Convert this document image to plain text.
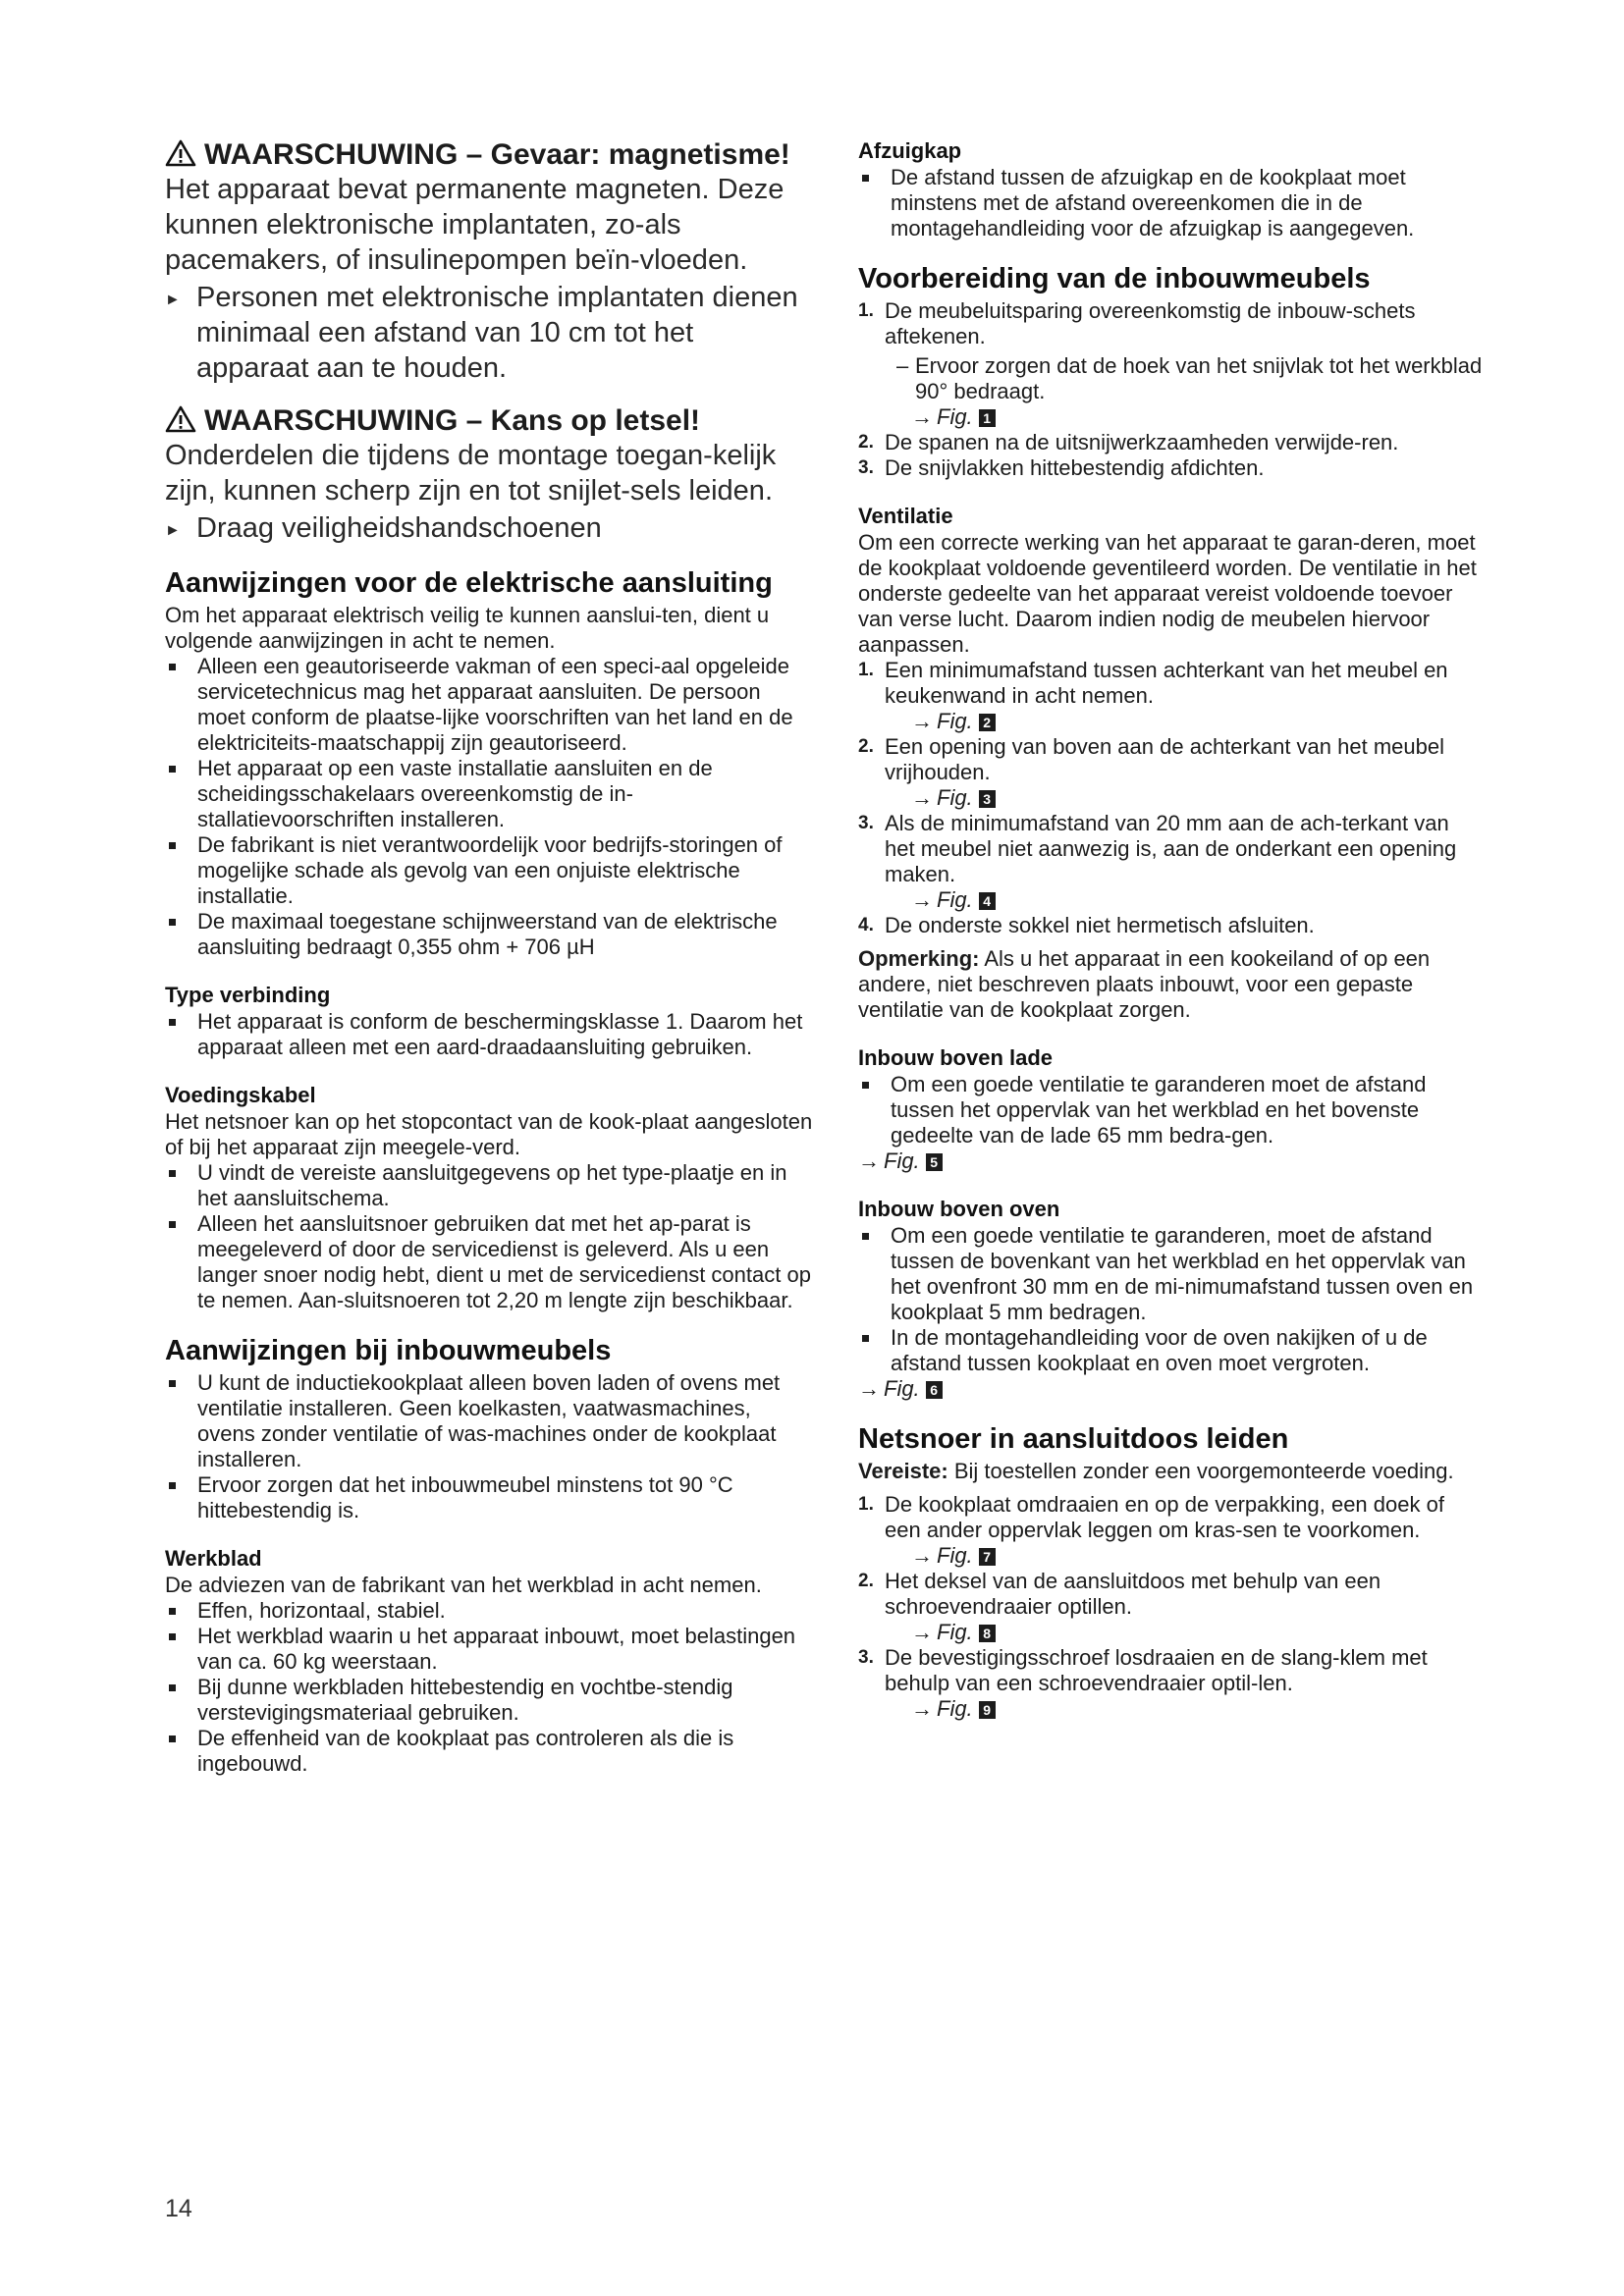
WAARSCHUWING – Gevaar: magnetisme!

Het apparaat bevat permanente magneten. Deze kunnen elektronische implantaten, zo-als pacemakers, of insulinepompen beïn-vloeden.

► Personen met elektronische implantaten dienen minimaal een afstand van 10 cm tot het apparaat aan te houden.

WAARSCHUWING – Kans op letsel!

Onderdelen die tijdens de montage toegan-kelijk zijn, kunnen scherp zijn en tot snijlet-sels leiden.

► Draag veiligheidshandschoenen

Aanwijzingen voor de elektrische aansluiting

Om het apparaat elektrisch veilig te kunnen aanslui-ten, dient u volgende aanwijzingen in acht te nemen.

Alleen een geautoriseerde vakman of een speci-aal opgeleide servicetechnicus mag het apparaat aansluiten. De persoon moet conform de plaatse-lijke voorschriften van het land en de elektriciteits-maatschappij zijn geautoriseerd.
Het apparaat op een vaste installatie aansluiten en de scheidingsschakelaars overeenkomstig de in-stallatievoorschriften installeren.
De fabrikant is niet verantwoordelijk voor bedrijfs-storingen of mogelijke schade als gevolg van een onjuiste elektrische installatie.
De maximaal toegestane schijnweerstand van de elektrische aansluiting bedraagt 0,355 ohm + 706 µH

Type verbinding

Het apparaat is conform de beschermingsklasse 1. Daarom het apparaat alleen met een aard-draadaansluiting gebruiken.

Voedingskabel

Het netsnoer kan op het stopcontact van de kook-plaat aangesloten of bij het apparaat zijn meegele-verd.

U vindt de vereiste aansluitgegevens op het type-plaatje en in het aansluitschema.
Alleen het aansluitsnoer gebruiken dat met het ap-parat is meegeleverd of door de servicedienst is geleverd. Als u een langer snoer nodig hebt, dient u met de servicedienst contact op te nemen. Aan-sluitsnoeren tot 2,20 m lengte zijn beschikbaar.

Aanwijzingen bij inbouwmeubels

U kunt de inductiekookplaat alleen boven laden of ovens met ventilatie installeren. Geen koelkasten, vaatwasmachines, ovens zonder ventilatie of was-machines onder de kookplaat installeren.
Ervoor zorgen dat het inbouwmeubel minstens tot 90 °C hittebestendig is.

Werkblad

De adviezen van de fabrikant van het werkblad in acht nemen.

Effen, horizontaal, stabiel.
Het werkblad waarin u het apparaat inbouwt, moet belastingen van ca. 60 kg weerstaan.
Bij dunne werkbladen hittebestendig en vochtbe-stendig verstevigingsmateriaal gebruiken.
De effenheid van de kookplaat pas controleren als die is ingebouwd.

Afzuigkap

De afstand tussen de afzuigkap en de kookplaat moet minstens met de afstand overeenkomen die in de montagehandleiding voor de afzuigkap is aangegeven.

Voorbereiding van de inbouwmeubels

1. De meubeluitsparing overeenkomstig de inbouw-schets aftekenen.
– Ervoor zorgen dat de hoek van het snijvlak tot het werkblad 90° bedraagt.
→ Fig. 1
2. De spanen na de uitsnijwerkzaamheden verwijde-ren.
3. De snijvlakken hittebestendig afdichten.

Ventilatie

Om een correcte werking van het apparaat te garan-deren, moet de kookplaat voldoende geventileerd worden. De ventilatie in het onderste gedeelte van het apparaat vereist voldoende toevoer van verse lucht. Daarom indien nodig de meubelen hiervoor aanpassen.

1. Een minimumafstand tussen achterkant van het meubel en keukenwand in acht nemen.
→ Fig. 2
2. Een opening van boven aan de achterkant van het meubel vrijhouden.
→ Fig. 3
3. Als de minimumafstand van 20 mm aan de ach-terkant van het meubel niet aanwezig is, aan de onderkant een opening maken.
→ Fig. 4
4. De onderste sokkel niet hermetisch afsluiten.

Opmerking: Als u het apparaat in een kookeiland of op een andere, niet beschreven plaats inbouwt, voor een gepaste ventilatie van de kookplaat zorgen.

Inbouw boven lade

Om een goede ventilatie te garanderen moet de afstand tussen het oppervlak van het werkblad en het bovenste gedeelte van de lade 65 mm bedra-gen.
→ Fig. 5

Inbouw boven oven

Om een goede ventilatie te garanderen, moet de afstand tussen de bovenkant van het werkblad en het oppervlak van het ovenfront 30 mm en de mi-nimumafstand tussen oven en kookplaat 5 mm bedragen.
In de montagehandleiding voor de oven nakijken of u de afstand tussen kookplaat en oven moet vergroten.
→ Fig. 6

Netsnoer in aansluitdoos leiden

Vereiste: Bij toestellen zonder een voorgemonteerde voeding.

1. De kookplaat omdraaien en op de verpakking, een doek of een ander oppervlak leggen om kras-sen te voorkomen.
→ Fig. 7
2. Het deksel van de aansluitdoos met behulp van een schroevendraaier optillen.
→ Fig. 8
3. De bevestigingsschroef losdraaien en de slang-klem met behulp van een schroevendraaier optil-len.
→ Fig. 9
14
